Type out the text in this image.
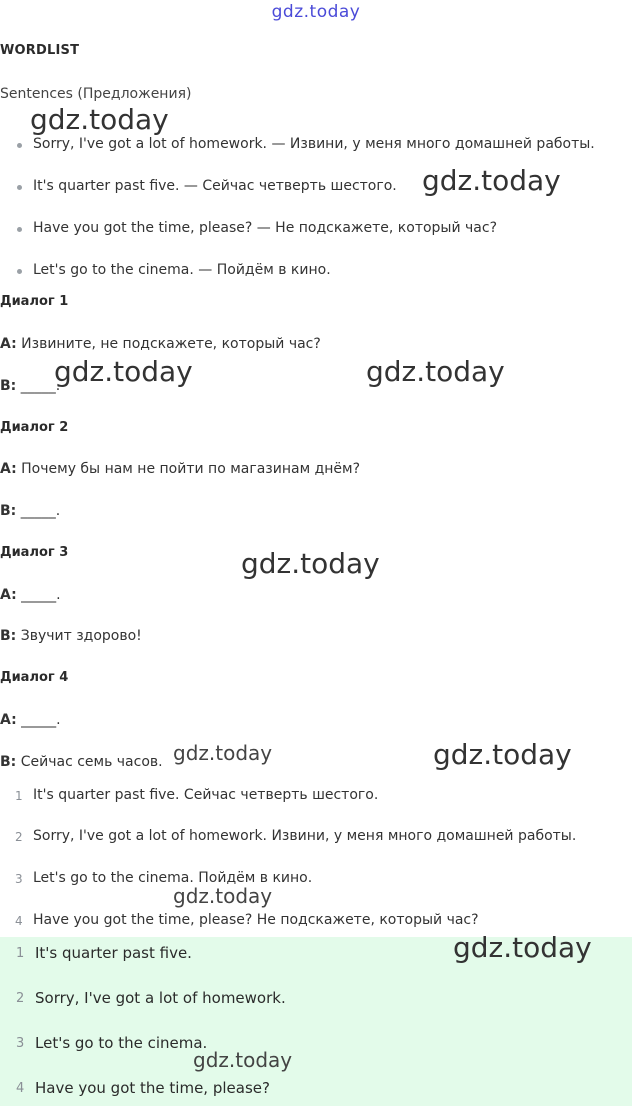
gdz.today
WORDLIST
Sentences (Предложения)
Sorry, I've got a lot of homework. — Извини, у меня много домашней работы.
It's quarter past five. — Сейчас четверть шестого.
Have you got the time, please? — Не подскажете, который час?
Let's go to the cinema. — Пойдём в кино.
Диалог 1
A: Извините, не подскажете, который час?
B: _____.
Диалог 2
A: Почему бы нам не пойти по магазинам днём?
B: _____.
Диалог 3
A: _____.
B: Звучит здорово!
Диалог 4
A: _____.
B: Сейчас семь часов.
1 It's quarter past five. Сейчас четверть шестого.
2 Sorry, I've got a lot of homework. Извини, у меня много домашней работы.
3 Let's go to the cinema. Пойдём в кино.
4 Have you got the time, please? Не подскажете, который час?
1 It's quarter past five.
2 Sorry, I've got a lot of homework.
3 Let's go to the cinema.
4 Have you got the time, please?
gdz.today
gdz.today
gdz.today	gdz.today
gdz.today
gdz.today	gdz.today
gdz.today
gdz.today
gdz.today
